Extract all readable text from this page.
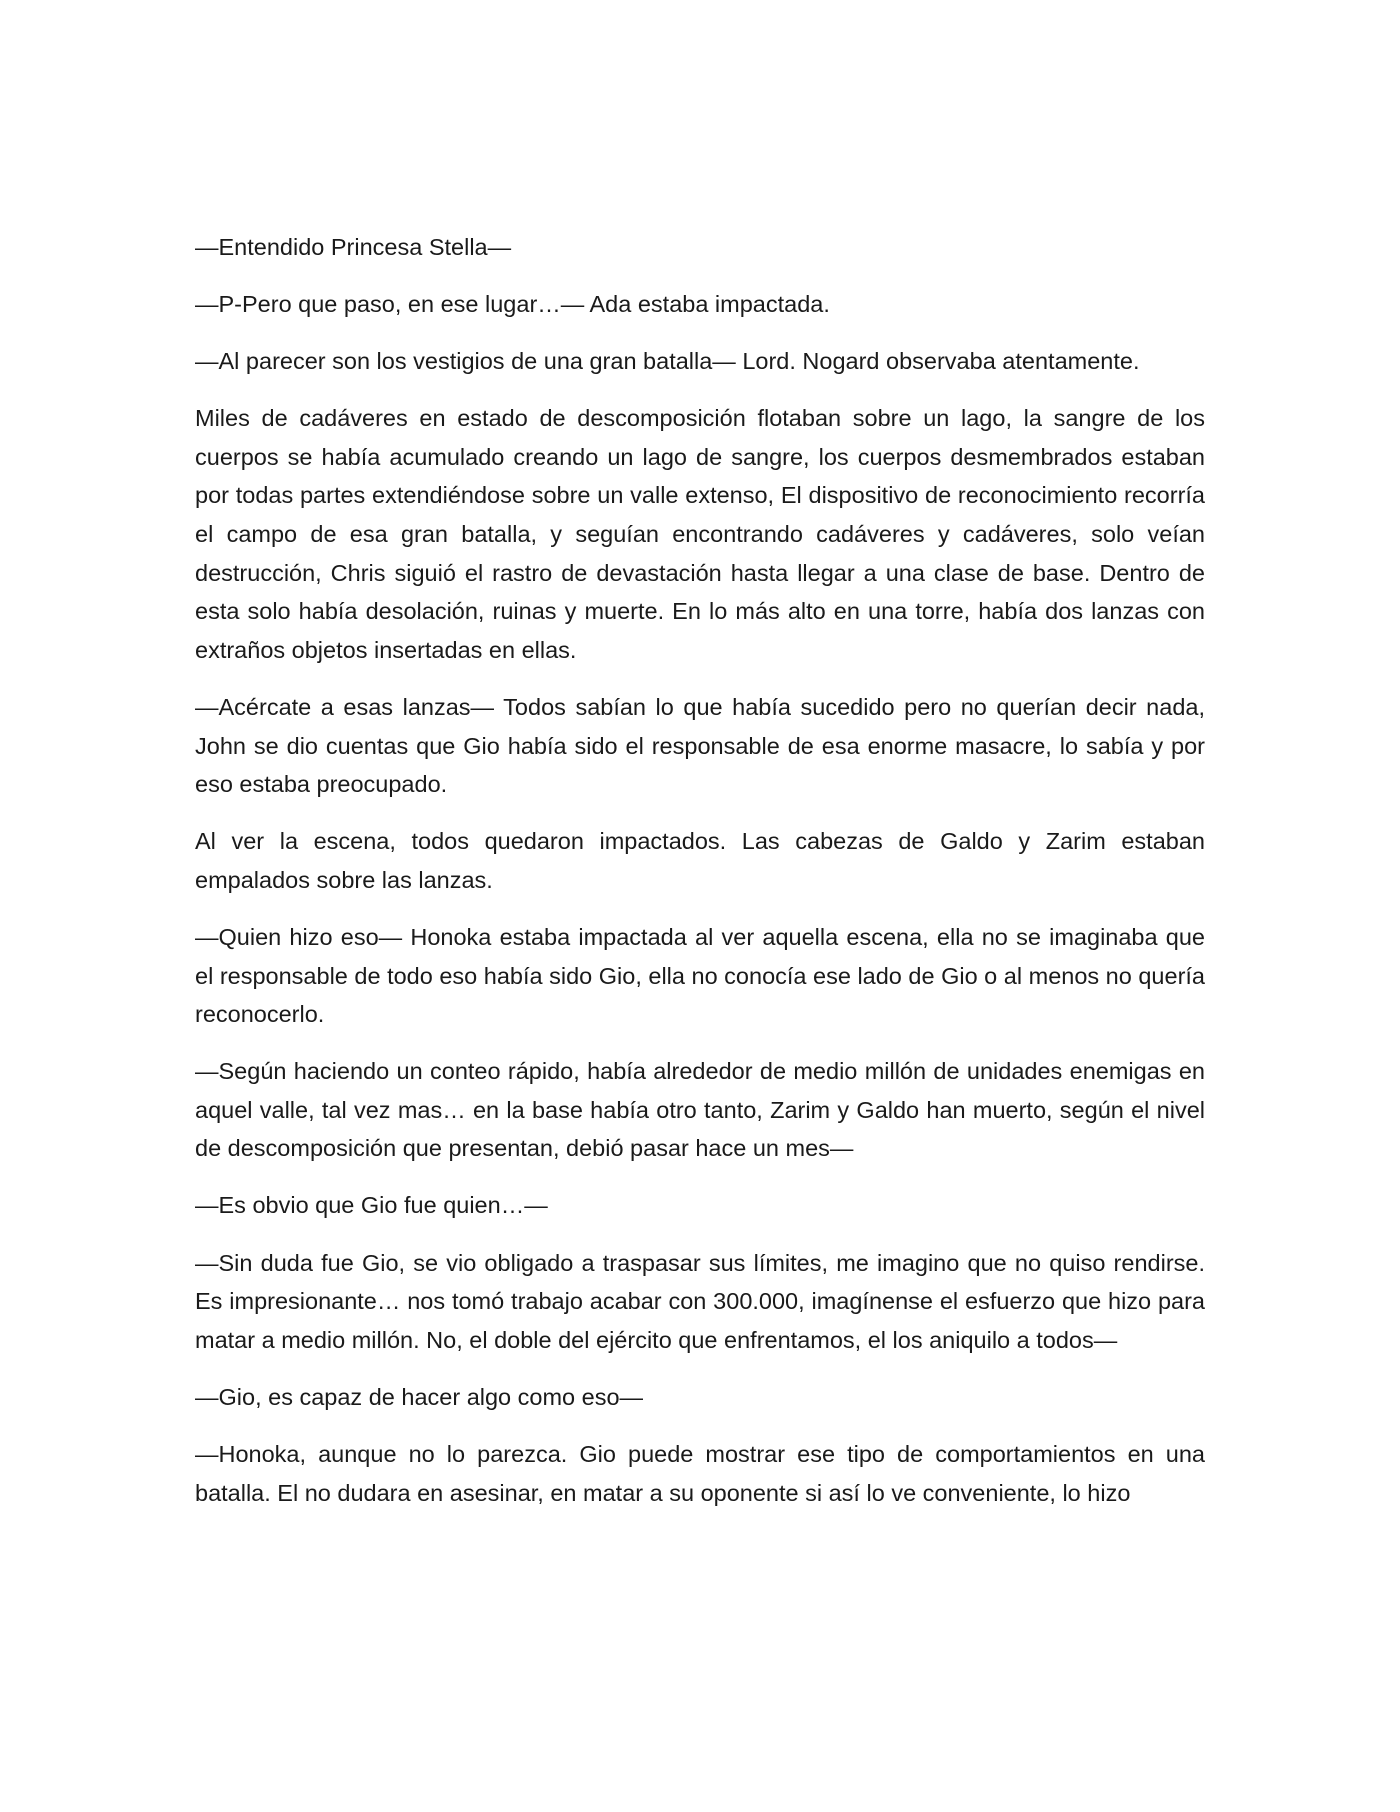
—Entendido Princesa Stella—

—P-Pero que paso, en ese lugar…— Ada estaba impactada.

—Al parecer son los vestigios de una gran batalla— Lord. Nogard observaba atentamente.

Miles de cadáveres en estado de descomposición flotaban sobre un lago, la sangre de los cuerpos se había acumulado creando un lago de sangre, los cuerpos desmembrados estaban por todas partes extendiéndose sobre un valle extenso, El dispositivo de reconocimiento recorría el campo de esa gran batalla, y seguían encontrando cadáveres y cadáveres, solo veían destrucción, Chris siguió el rastro de devastación hasta llegar a una clase de base. Dentro de esta solo había desolación, ruinas y muerte. En lo más alto en una torre, había dos lanzas con extraños objetos insertadas en ellas.

—Acércate a esas lanzas— Todos sabían lo que había sucedido pero no querían decir nada, John se dio cuentas que Gio había sido el responsable de esa enorme masacre, lo sabía y por eso estaba preocupado.

Al ver la escena, todos quedaron impactados. Las cabezas de Galdo y Zarim estaban empalados sobre las lanzas.

—Quien hizo eso— Honoka estaba impactada al ver aquella escena, ella no se imaginaba que el responsable de todo eso había sido Gio, ella no conocía ese lado de Gio o al menos no quería reconocerlo.

—Según haciendo un conteo rápido, había alrededor de medio millón de unidades enemigas en aquel valle, tal vez mas… en la base había otro tanto, Zarim y Galdo han muerto, según el nivel de descomposición que presentan, debió pasar hace un mes—

—Es obvio que Gio fue quien…—

—Sin duda fue Gio, se vio obligado a traspasar sus límites, me imagino que no quiso rendirse. Es impresionante… nos tomó trabajo acabar con 300.000, imagínense el esfuerzo que hizo para matar a medio millón. No, el doble del ejército que enfrentamos, el los aniquilo a todos—

—Gio, es capaz de hacer algo como eso—

—Honoka, aunque no lo parezca. Gio puede mostrar ese tipo de comportamientos en una batalla. El no dudara en asesinar, en matar a su oponente si así lo ve conveniente, lo hizo
